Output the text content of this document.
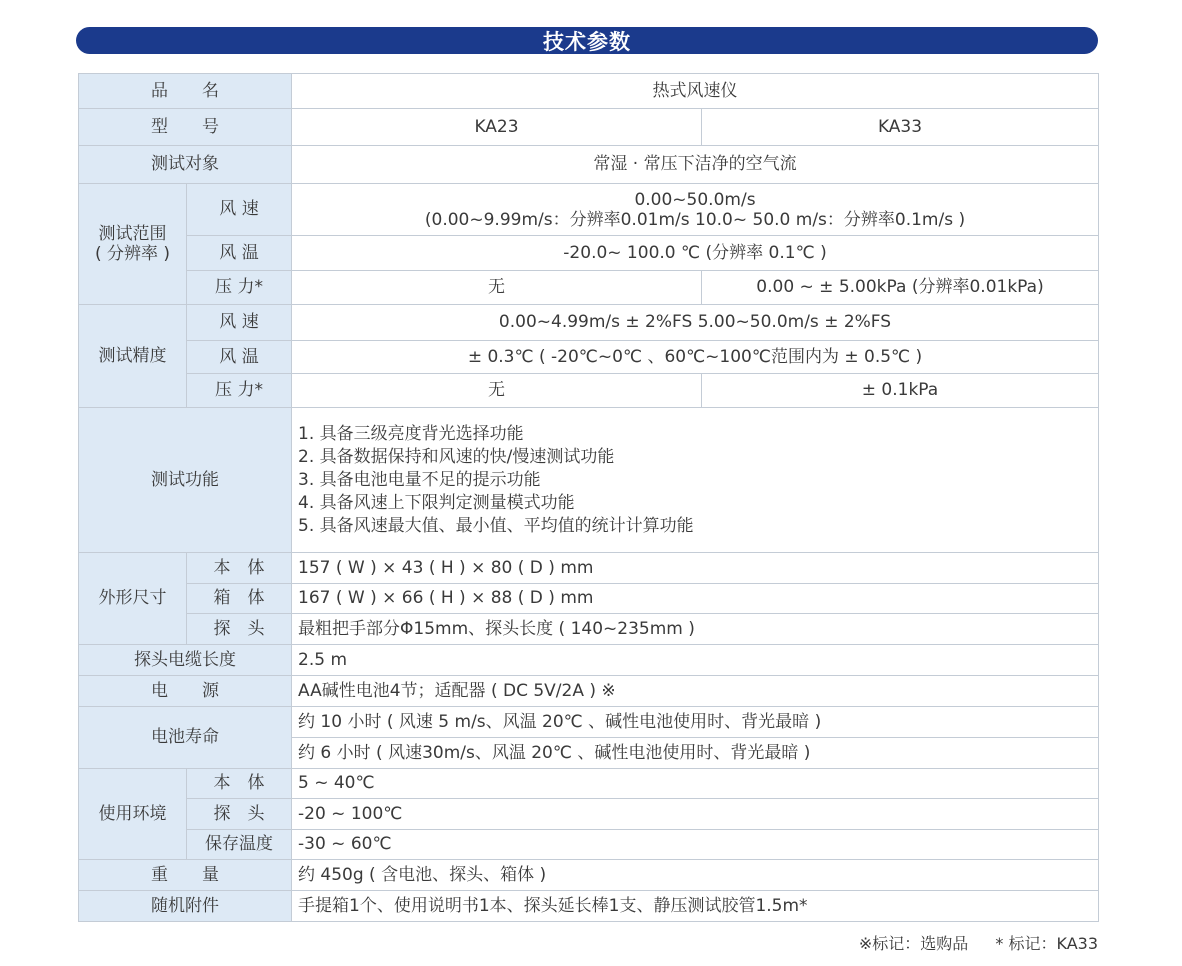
技术参数
品　　名		热式风速仪	
型　　号		KA23	KA33
测试对象		常湿 · 常压下洁净的空气流	

测试范围
( 分辨率 )	风 速	0.00~50.0m/s
(0.00~9.99m/s：分辨率0.01m/s 10.0~ 50.0 m/s：分辨率0.1m/s )	

	风 温	-20.0~ 100.0 ℃ (分辨率 0.1℃ )	
	压 力*	无	0.00 ~ ± 5.00kPa (分辨率0.01kPa)
测试精度	风 速	0.00~4.99m/s ± 2%FS 5.00~50.0m/s ± 2%FS	
	风 温	± 0.3℃ ( -20℃~0℃ 、60℃~100℃范围内为 ± 0.5℃ )	
	压 力*	无	± 0.1kPa
测试功能		1. 具备三级亮度背光选择功能
2. 具备数据保持和风速的快/慢速测试功能
3. 具备电池电量不足的提示功能
4. 具备风速上下限判定测量模式功能
5. 具备风速最大值、最小值、平均值的统计计算功能	

外形尺寸	本　体	157 ( W ) × 43 ( H ) × 80 ( D ) mm	
	箱　体	167 ( W ) × 66 ( H ) × 88 ( D ) mm	
	探　头	最粗把手部分Φ15mm、探头长度 ( 140~235mm )	
探头电缆长度		2.5 m	
电　　源		AA碱性电池4节；适配器 ( DC 5V/2A ) ※	
电池寿命		约 10 小时 ( 风速 5 m/s、风温 20℃ 、碱性电池使用时、背光最暗 )	
		约 6 小时 ( 风速30m/s、风温 20℃ 、碱性电池使用时、背光最暗 )	
使用环境	本　体	5 ~ 40℃	
	探　头	-20 ~ 100℃	
	保存温度	-30 ~ 60℃	
重　　量		约 450g ( 含电池、探头、箱体 )	
随机附件		手提箱1个、使用说明书1本、探头延长棒1支、静压测试胶管1.5m*	
※标记：选购品 * 标记：KA33
